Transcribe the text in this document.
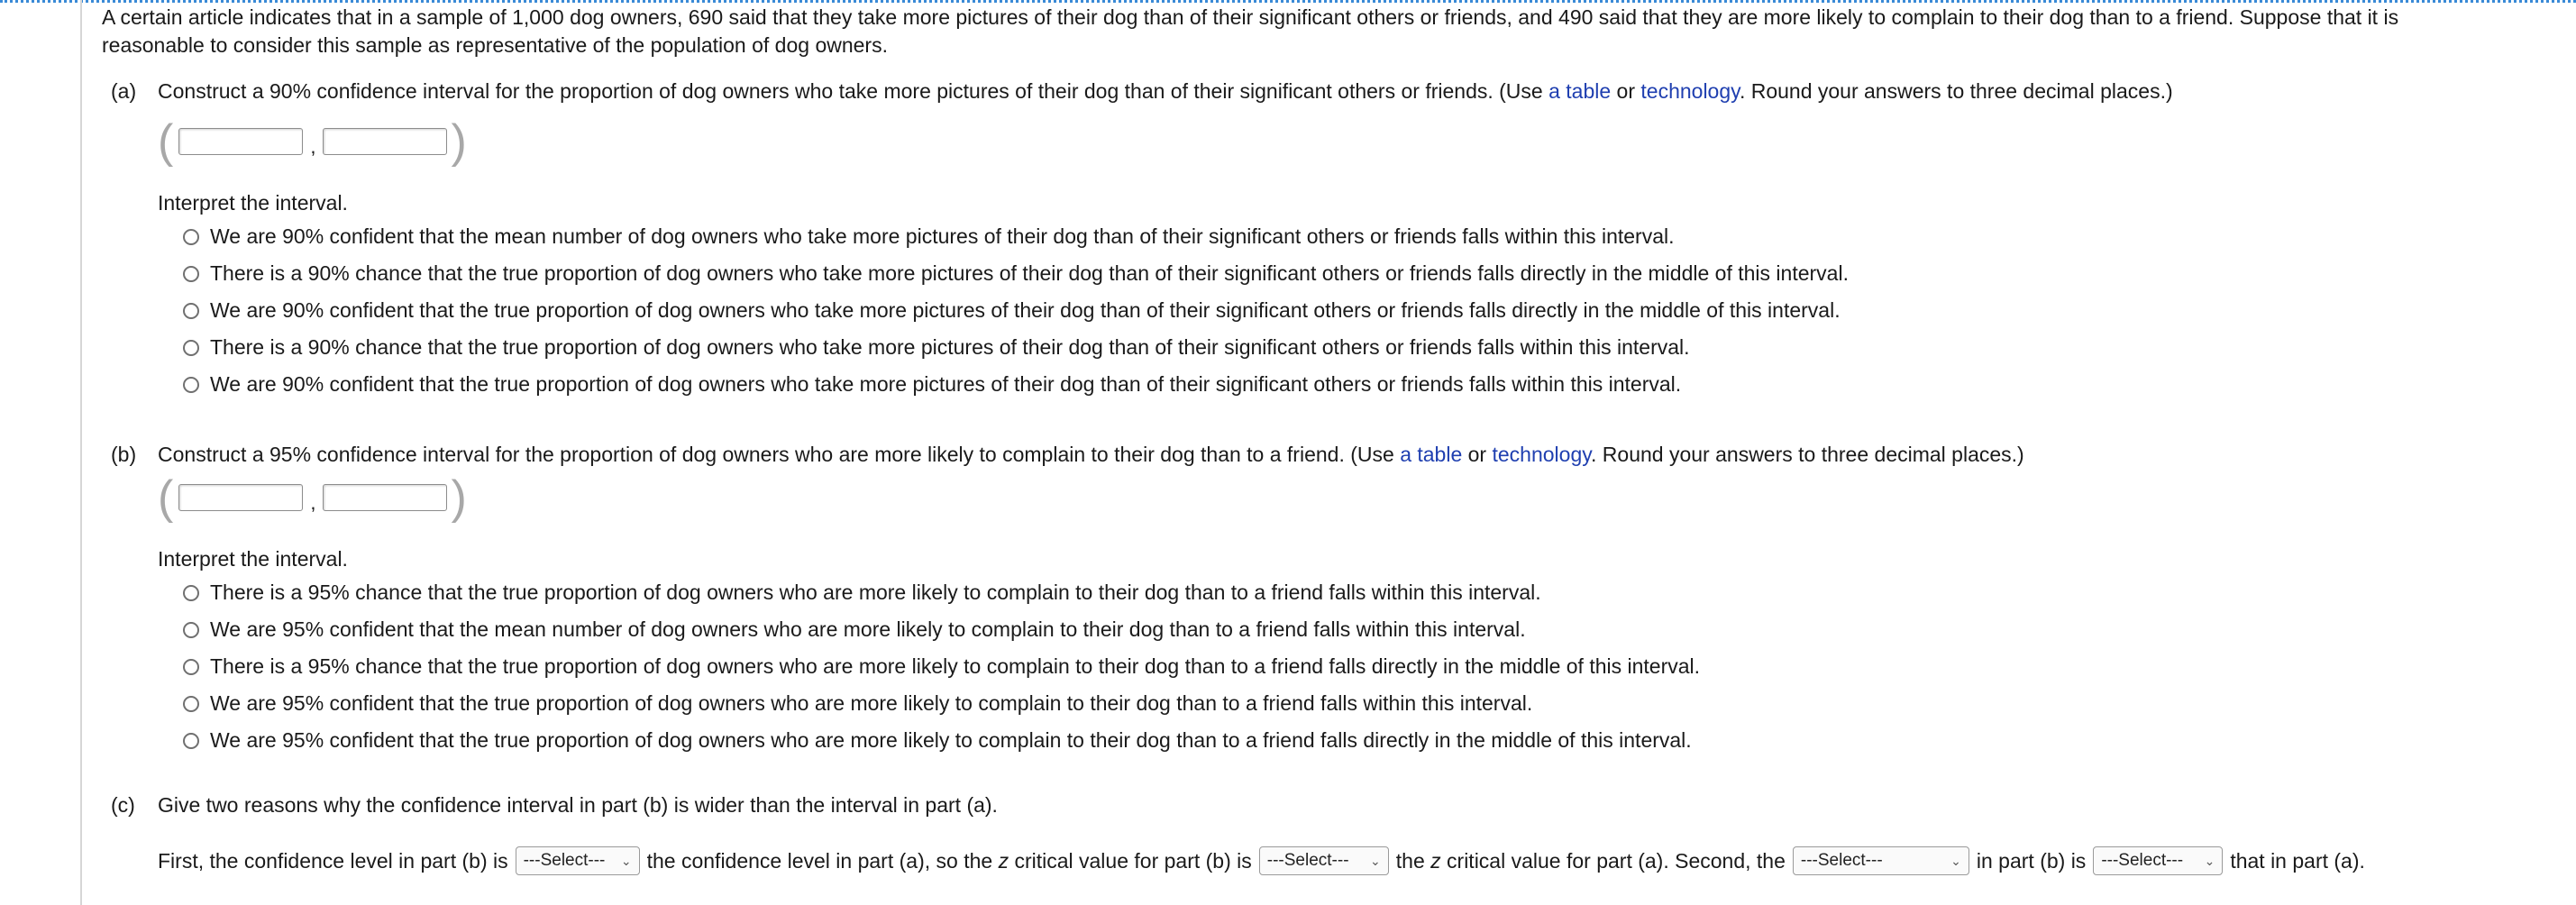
A certain article indicates that in a sample of 1,000 dog owners, 690 said that they take more pictures of their dog than of their significant others or friends, and 490 said that they are more likely to complain to their dog than to a friend. Suppose that it is
reasonable to consider this sample as representative of the population of dog owners.

(a) Construct a 90% confidence interval for the proportion of dog owners who take more pictures of their dog than of their significant others or friends. (Use a table or technology. Round your answers to three decimal places.)
(	,	)
Interpret the interval.
We are 90% confident that the mean number of dog owners who take more pictures of their dog than of their significant others or friends falls within this interval.
There is a 90% chance that the true proportion of dog owners who take more pictures of their dog than of their significant others or friends falls directly in the middle of this interval.
We are 90% confident that the true proportion of dog owners who take more pictures of their dog than of their significant others or friends falls directly in the middle of this interval.
There is a 90% chance that the true proportion of dog owners who take more pictures of their dog than of their significant others or friends falls within this interval.
We are 90% confident that the true proportion of dog owners who take more pictures of their dog than of their significant others or friends falls within this interval.
(b) Construct a 95% confidence interval for the proportion of dog owners who are more likely to complain to their dog than to a friend. (Use a table or technology. Round your answers to three decimal places.)
(	,	)
Interpret the interval.
There is a 95% chance that the true proportion of dog owners who are more likely to complain to their dog than to a friend falls within this interval.
We are 95% confident that the mean number of dog owners who are more likely to complain to their dog than to a friend falls within this interval.
There is a 95% chance that the true proportion of dog owners who are more likely to complain to their dog than to a friend falls directly in the middle of this interval.
We are 95% confident that the true proportion of dog owners who are more likely to complain to their dog than to a friend falls within this interval.
We are 95% confident that the true proportion of dog owners who are more likely to complain to their dog than to a friend falls directly in the middle of this interval.
(c) Give two reasons why the confidence interval in part (b) is wider than the interval in part (a).
First, the confidence level in part (b) is ---Select--- ⌄ the confidence level in part (a), so the
z
critical value for part (b) is ---Select--- ⌄ the
z
critical value for part (a). Second, the ---Select---	⌄ in part (b) is ---Select--- ⌄ that in part (a).
